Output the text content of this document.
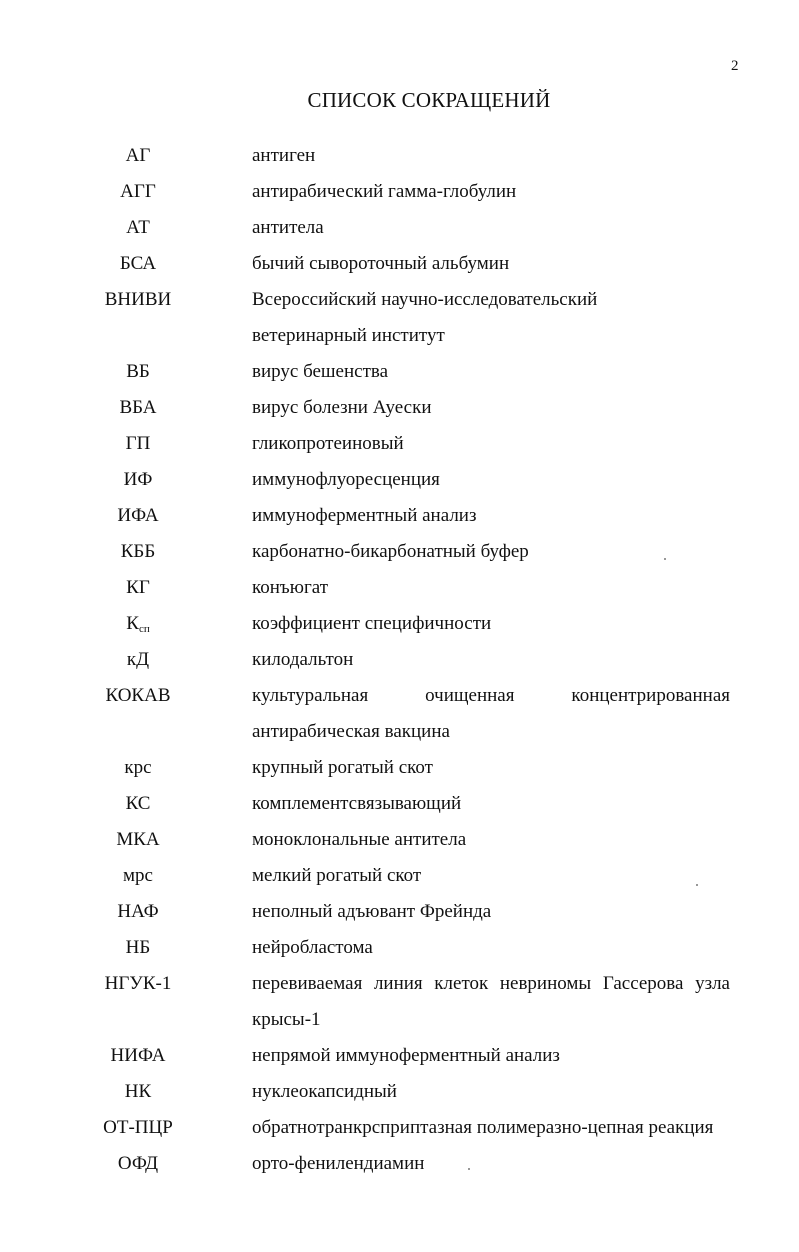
2
СПИСОК СОКРАЩЕНИЙ
АГ	антиген
АГГ	антирабический гамма-глобулин
АТ	антитела
БСА	бычий сывороточный альбумин
ВНИВИ	Всероссийский научно-исследовательский
ветеринарный институт
ВБ	вирус бешенства
ВБА	вирус болезни Ауески
ГП	гликопротеиновый
ИФ	иммунофлуоресценция
ИФА	иммуноферментный анализ
КББ	карбонатно-бикарбонатный буфер
КГ	конъюгат
$К_{сп}$	коэффициент специфичности
кД	килодальтон
КОКАВ	культуральная очищенная концентрированная
антирабическая вакцина
крс	крупный рогатый скот
КС	комплементсвязывающий
МКА	моноклональные антитела
мрс	мелкий рогатый скот
НАФ	неполный адъювант Фрейнда
НБ	нейробластома
НГУК-1	перевиваемая линия клеток невриномы Гассерова узла
крысы-1
НИФА	непрямой иммуноферментный анализ
НК	нуклеокапсидный
ОТ-ПЦР	обратнотранкрсприптазная полимеразно-цепная реакция
ОФД	орто-фенилендиамин
